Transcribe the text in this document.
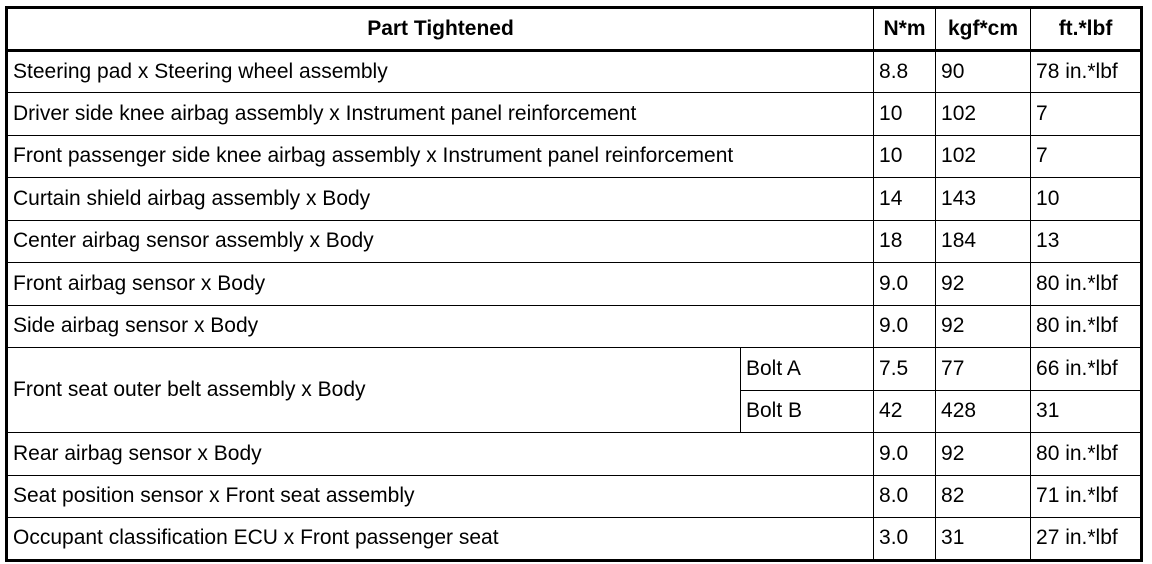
Part Tightened		N*m	kgf*cm	ft.*lbf
Steering pad x Steering wheel assembly		8.8	90	78 in.*lbf
Driver side knee airbag assembly x Instrument panel reinforcement		10	102	7
Front passenger side knee airbag assembly x Instrument panel reinforcement		10	102	7
Curtain shield airbag assembly x Body		14	143	10
Center airbag sensor assembly x Body		18	184	13
Front airbag sensor x Body		9.0	92	80 in.*lbf
Side airbag sensor x Body		9.0	92	80 in.*lbf
Front seat outer belt assembly x Body	Bolt A	7.5	77	66 in.*lbf
	Bolt B	42	428	31
Rear airbag sensor x Body		9.0	92	80 in.*lbf
Seat position sensor x Front seat assembly		8.0	82	71 in.*lbf
Occupant classification ECU x Front passenger seat		3.0	31	27 in.*lbf
